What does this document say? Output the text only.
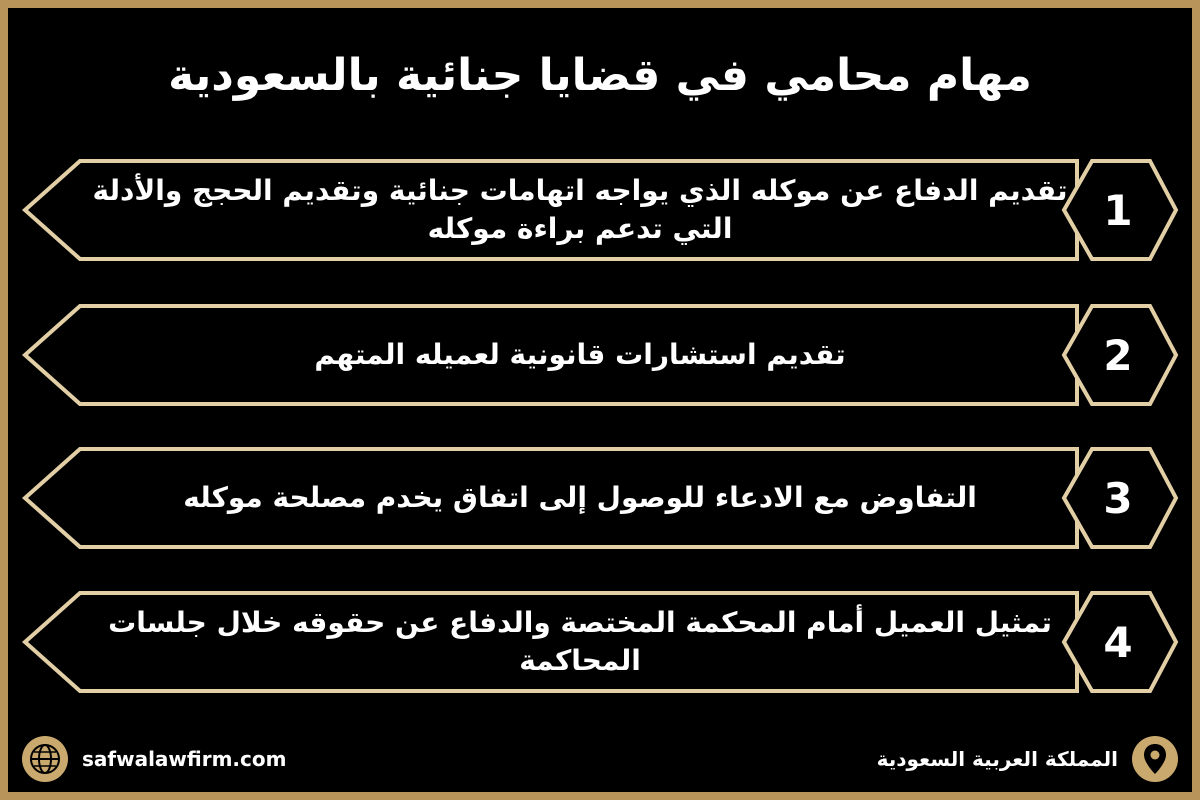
مهام محامي في قضايا جنائية بالسعودية
تقديم الدفاع عن موكله الذي يواجه اتهامات جنائية وتقديم الحجج والأدلة التي تدعم براءة موكله	1
تقديم استشارات قانونية لعميله المتهم	2
التفاوض مع الادعاء للوصول إلى اتفاق يخدم مصلحة موكله	3
تمثيل العميل أمام المحكمة المختصة والدفاع عن حقوقه خلال جلسات المحاكمة	4
safwalawfirm.com	المملكة العربية السعودية
